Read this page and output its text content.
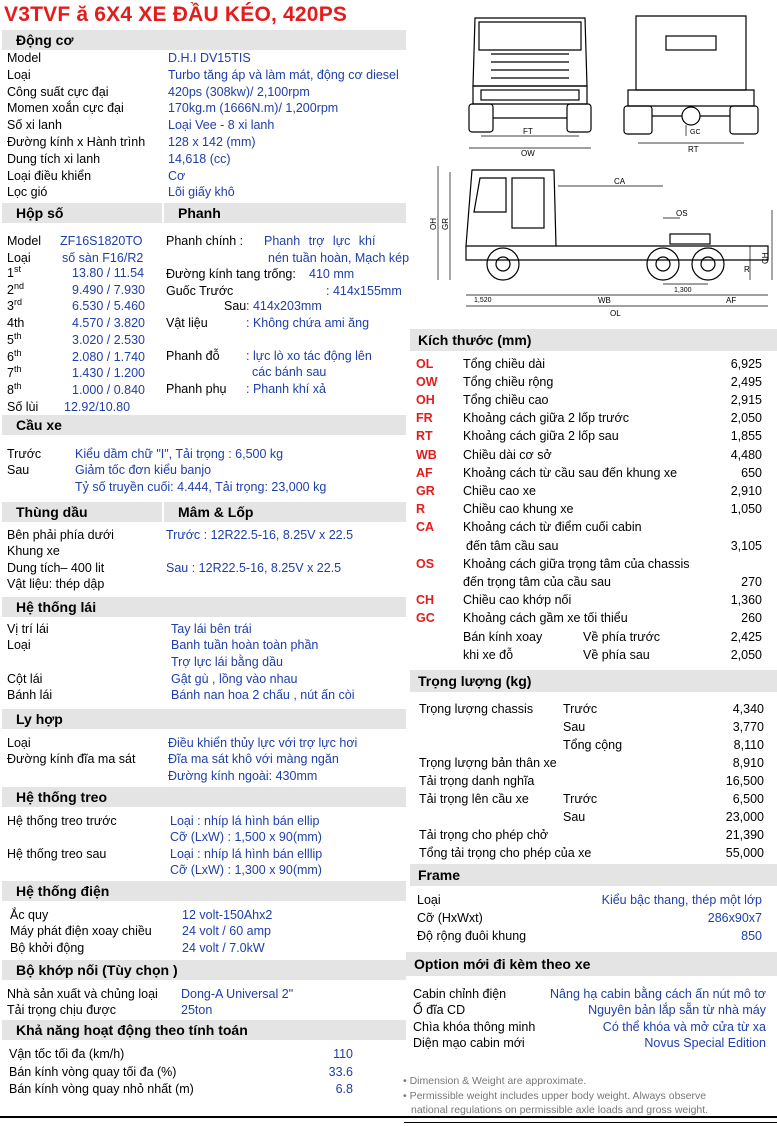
V3TVF ă 6X4 XE ĐẦU KÉO, 420PS
Động cơ
Model	D.H.I DV15TIS
Loại	Turbo tăng áp và làm mát, động cơ diesel
Công suất cực đại	420ps (308kw)/ 2,100rpm
Momen xoắn cực đại	170kg.m (1666N.m)/ 1,200rpm
Số xi lanh	Loại Vee - 8 xi lanh
Đường kính x Hành trình 128 x 142 (mm)
Dung tích xi lanh	14,618 (cc)
Loại điều khiển	Cơ
Lọc gió	Lõi giấy khô
Hộp số
Model ZF16S1820TO
Loại	số sàn F16/R2
1st	13.80 / 11.54
2nd	9.490 / 7.930
3rd	6.530 / 5.460
4th	4.570 / 3.820
5th	3.020 / 2.530
6th	2.080 / 1.740
7th	1.430 / 1.200
8th	1.000 / 0.840
Số lùi 12.92/10.80
Phanh
Phanh chính : Phanh trợ lực khí
nén tuần hoàn, Mạch kép
Đường kính tang trống: 410 mm
Guốc Trước	: 414x155mm
Sau : 414x203mm
Vật liệu	: Không chứa ami ăng
Phanh đỗ : lực lò xo tác động lên
các bánh sau
Phanh phụ : Phanh khí xả
Cầu xe
Trước	Kiểu dầm chữ "I", Tải trọng : 6,500 kg
Sau	Giảm tốc đơn kiểu banjo
Tỷ số truyền cuối: 4.444, Tải trọng: 23,000 kg
Thùng dầu	Mâm & Lốp
Bên phải phía dưới
Khung xe
Dung tích– 400 lit
Vật liệu: thép dập
Trước : 12R22.5-16, 8.25V x 22.5
Sau : 12R22.5-16, 8.25V x 22.5
Hệ thống lái
Vị trí lái	Tay lái bên trái
Loại	Banh tuần hoàn toàn phần
Trợ lực lái bằng dầu
Cột lái	Gật gù , lồng vào nhau
Bánh lái	Bánh nan hoa 2 chấu , nút ấn còi
Ly hợp
Loại	Điều khiển thủy lực với trợ lực hơi
Đường kính đĩa ma sát	Đĩa ma sát khô với màng ngăn
Đường kính ngoài: 430mm
Hệ thống treo
Hệ thống treo trước	Loại : nhíp lá hình bán ellip
Cỡ (LxW) : 1,500 x 90(mm)
Hệ thống treo sau	Loại : nhíp lá hình bán elllip
Cỡ (LxW) : 1,300 x 90(mm)
Hệ thống điện
Ắc quy	12 volt-150Ahx2
Máy phát điện xoay chiều 24 volt / 60 amp
Bộ khởi động	24 volt / 7.0kW
Bộ khớp nối (Tùy chọn )
Nhà sản xuất và chủng loại Dong-A Universal 2"
Tải trọng chịu được	25ton
Khả năng hoạt động theo tính toán
Vận tốc tối đa (km/h)	110
Bán kính vòng quay tối đa (%)	33.6
Bán kính vòng quay nhỏ nhất (m)	6.8
FT
OW
GC
RT
OH GR
CA
OS
R
CH
1,520
1,300
WB	AF
OL
Kích thước (mm)
OL Tổng chiều dài	6,925
OW Tổng chiều rộng	2,495
OH Tổng chiều cao	2,915
FR Khoảng cách giữa 2 lốp trước	2,050
RT Khoảng cách giữa 2 lốp sau	1,855
WB Chiều dài cơ sở	4,480
AF Khoảng cách từ cầu sau đến khung xe	650
GR Chiều cao xe	2,910
R	Chiều cao khung xe	1,050
CA Khoảng cách từ điểm cuối cabin
đến tâm cầu sau	3,105
OS Khoảng cách giữa trọng tâm của chassis
đến trọng tâm của cầu sau	270
CH Chiều cao khớp nối	1,360
GC Khoảng cách gầm xe tối thiểu	260
Bán kính xoay	Về phía trước	2,425
khi xe đỗ	Về phía sau	2,050
Trọng lượng (kg)
Trọng lượng chassis Trước	4,340
Sau	3,770
Tổng cộng	8,110
Trọng lượng bản thân xe	8,910
Tải trọng danh nghĩa	16,500
Tải trọng lên cầu xe	Trước	6,500
Sau	23,000
Tải trọng cho phép chở	21,390
Tổng tải trọng cho phép của xe	55,000
Frame
Loại	Kiểu bậc thang, thép một lớp
Cỡ (HxWxt)	286x90x7
Độ rộng đuôi khung	850
Option mới đi kèm theo xe
Cabin chỉnh điện	Nâng hạ cabin bằng cách ấn nút mô tơ
Ổ đĩa CD	Nguyên bản lắp sẵn từ nhà máy
Chìa khóa thông minh	Có thể khóa và mở cửa từ xa
Diện mạo cabin mới	Novus Special Edition
• Dimension & Weight are approximate.
• Permissible weight includes upper body weight. Always observe
national regulations on permissible axle loads and gross weight.
